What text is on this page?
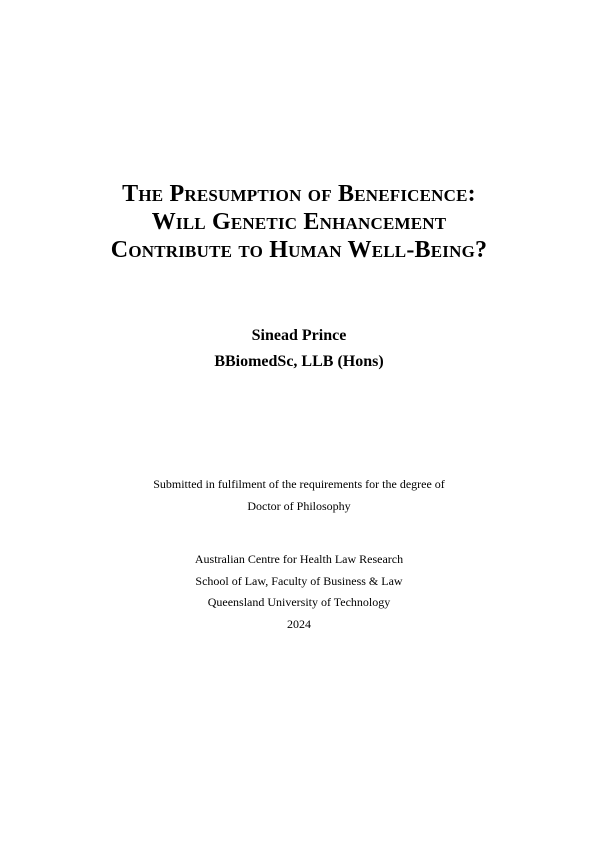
The Presumption of Beneficence:
Will Genetic Enhancement
Contribute to Human Well-Being?
Sinead Prince
BBiomedSc, LLB (Hons)
Submitted in fulfilment of the requirements for the degree of
Doctor of Philosophy
Australian Centre for Health Law Research
School of Law, Faculty of Business & Law
Queensland University of Technology
2024
